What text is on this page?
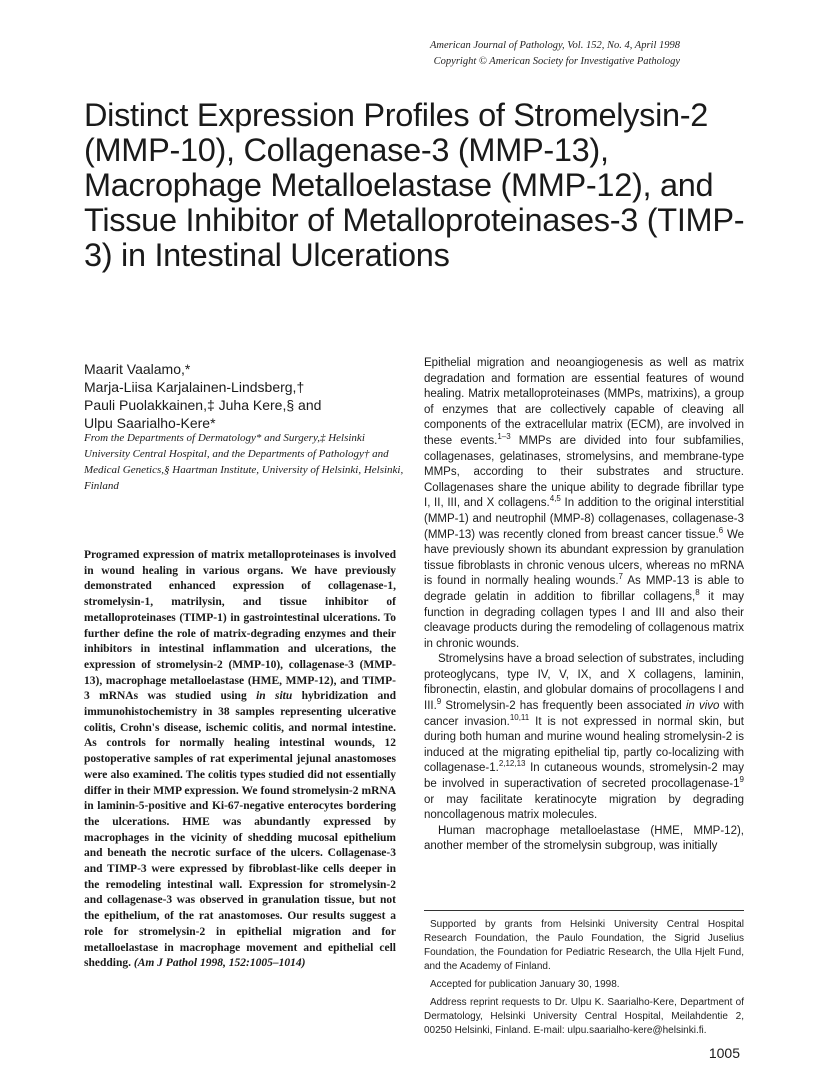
American Journal of Pathology, Vol. 152, No. 4, April 1998
Copyright © American Society for Investigative Pathology
Distinct Expression Profiles of Stromelysin-2 (MMP-10), Collagenase-3 (MMP-13), Macrophage Metalloelastase (MMP-12), and Tissue Inhibitor of Metalloproteinases-3 (TIMP-3) in Intestinal Ulcerations
Maarit Vaalamo,*
Marja-Liisa Karjalainen-Lindsberg,†
Pauli Puolakkainen,‡ Juha Kere,§ and
Ulpu Saarialho-Kere*
From the Departments of Dermatology* and Surgery,‡ Helsinki University Central Hospital, and the Departments of Pathology† and Medical Genetics,§ Haartman Institute, University of Helsinki, Helsinki, Finland
Programed expression of matrix metalloproteinases is involved in wound healing in various organs. We have previously demonstrated enhanced expression of collagenase-1, stromelysin-1, matrilysin, and tissue inhibitor of metalloproteinases (TIMP-1) in gastrointestinal ulcerations. To further define the role of matrix-degrading enzymes and their inhibitors in intestinal inflammation and ulcerations, the expression of stromelysin-2 (MMP-10), collagenase-3 (MMP-13), macrophage metalloelastase (HME, MMP-12), and TIMP-3 mRNAs was studied using in situ hybridization and immunohistochemistry in 38 samples representing ulcerative colitis, Crohn's disease, ischemic colitis, and normal intestine. As controls for normally healing intestinal wounds, 12 postoperative samples of rat experimental jejunal anastomoses were also examined. The colitis types studied did not essentially differ in their MMP expression. We found stromelysin-2 mRNA in laminin-5-positive and Ki-67-negative enterocytes bordering the ulcerations. HME was abundantly expressed by macrophages in the vicinity of shedding mucosal epithelium and beneath the necrotic surface of the ulcers. Collagenase-3 and TIMP-3 were expressed by fibroblast-like cells deeper in the remodeling intestinal wall. Expression for stromelysin-2 and collagenase-3 was observed in granulation tissue, but not the epithelium, of the rat anastomoses. Our results suggest a role for stromelysin-2 in epithelial migration and for metalloelastase in macrophage movement and epithelial cell shedding. (Am J Pathol 1998, 152:1005–1014)

Epithelial migration and neoangiogenesis as well as matrix degradation and formation are essential features of wound healing. Matrix metalloproteinases (MMPs, matrixins), a group of enzymes that are collectively capable of cleaving all components of the extracellular matrix (ECM), are involved in these events.$^{1-3}$ MMPs are divided into four subfamilies, collagenases, gelatinases, stromelysins, and membrane-type MMPs, according to their substrates and structure. Collagenases share the unique ability to degrade fibrillar type I, II, III, and X collagens.$^{4,5}$ In addition to the original interstitial (MMP-1) and neutrophil (MMP-8) collagenases, collagenase-3 (MMP-13) was recently cloned from breast cancer tissue.$^6$ We have previously shown its abundant expression by granulation tissue fibroblasts in chronic venous ulcers, whereas no mRNA is found in normally healing wounds.$^7$ As MMP-13 is able to degrade gelatin in addition to fibrillar collagens,$^8$ it may function in degrading collagen types I and III and also their cleavage products during the remodeling of collagenous matrix in chronic wounds.

Stromelysins have a broad selection of substrates, including proteoglycans, type IV, V, IX, and X collagens, laminin, fibronectin, elastin, and globular domains of procollagens I and III.$^9$ Stromelysin-2 has frequently been associated in vivo with cancer invasion.$^{10,11}$ It is not expressed in normal skin, but during both human and murine wound healing stromelysin-2 is induced at the migrating epithelial tip, partly co-localizing with collagenase-1.$^{2,12,13}$ In cutaneous wounds, stromelysin-2 may be involved in superactivation of secreted procollagenase-$1^9$ or may facilitate keratinocyte migration by degrading noncollagenous matrix molecules.

Human macrophage metalloelastase (HME, MMP-12), another member of the stromelysin subgroup, was initially

Supported by grants from Helsinki University Central Hospital Research Foundation, the Paulo Foundation, the Sigrid Juselius Foundation, the Foundation for Pediatric Research, the Ulla Hjelt Fund, and the Academy of Finland.
Accepted for publication January 30, 1998.
Address reprint requests to Dr. Ulpu K. Saarialho-Kere, Department of Dermatology, Helsinki University Central Hospital, Meilahdentie 2, 00250 Helsinki, Finland. E-mail: ulpu.saarialho-kere@helsinki.fi.
1005
